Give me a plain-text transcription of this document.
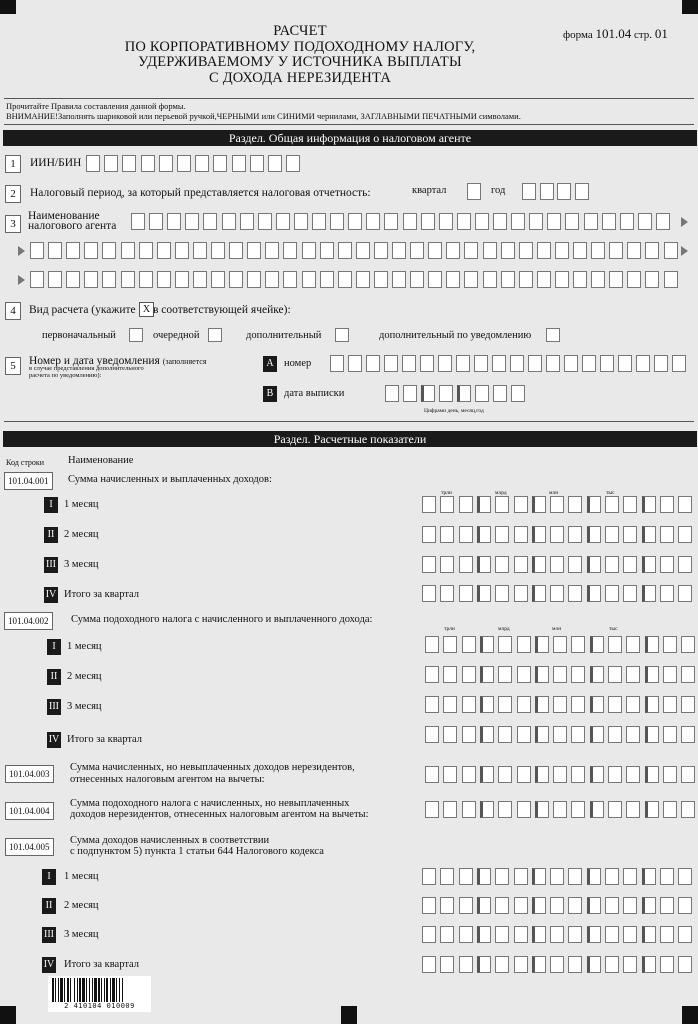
РАСЧЕТ
ПО КОРПОРАТИВНОМУ ПОДОХОДНОМУ НАЛОГУ,
УДЕРЖИВАЕМОМУ У ИСТОЧНИКА ВЫПЛАТЫ
С ДОХОДА НЕРЕЗИДЕНТА
форма 101.04 стр. 01
Прочитайте Правила составления данной формы.
ВНИМАНИЕ!Заполнять шариковой или перьевой ручкой,ЧЕРНЫМИ или СИНИМИ чернилами, ЗАГЛАВНЫМИ ПЕЧАТНЫМИ символами.
Раздел. Общая информация о налоговом агенте
1	ИИН/БИН
2	Налоговый период, за который представляется налоговая отчетность:	квартал	год
3
Наименование
налогового агента
4	Вид расчета (укажите X в соответствующей ячейке):
первоначальный	очередной	дополнительный	дополнительный по уведомлению
5	Номер и дата уведомления (заполняется
в случае представления дополнительного
расчета по уведомлению):
A номер
B	дата выписки
Цифрами день, месяц,год
Раздел. Расчетные показатели
Код строки Наименование
101.04.001	Сумма начисленных и выплаченных доходов:
трлн	млрд	млн	тыс
I	1 месяц
II 2 месяц
III 3 месяц
IV Итого за квартал
101.04.002	Сумма подоходного налога с начисленного и выплаченного дохода:
трлн	млрд	млн	тыс
I	1 месяц
II 2 месяц
III 3 месяц
IV Итого за квартал
101.04.003
Сумма начисленных, но невыплаченных доходов нерезидентов,
отнесенных налоговым агентом на вычеты:
101.04.004
Сумма подоходного налога с начисленных, но невыплаченных
доходов нерезидентов, отнесенных налоговым агентом на вычеты:
101.04.005
Сумма доходов начисленных в соответствии
с подпунктом 5) пункта 1 статьи 644 Налогового кодекса
I	1 месяц
II	2 месяц
III 3 месяц
IV Итого за квартал
2 410104 010009
